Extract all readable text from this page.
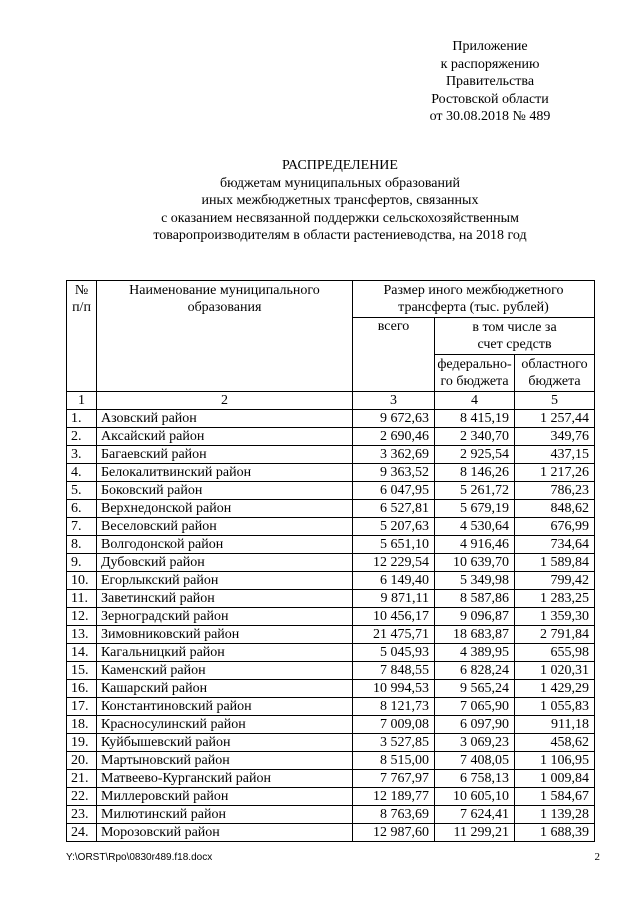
Приложение
к распоряжению
Правительства
Ростовской области
от 30.08.2018 № 489
РАСПРЕДЕЛЕНИЕ
бюджетам муниципальных образований
иных межбюджетных трансфертов, связанных
с оказанием несвязанной поддержки сельскохозяйственным
товаропроизводителям в области растениеводства, на 2018 год
№ п/п	Наименование муниципального образования	Размер иного межбюджетного трансферта (тыс. рублей)		
		всего	в том числе за счет средств	
			федерально-го бюджета	областного бюджета
1	2	3	4	5
1.	Азовский район	9 672,63	8 415,19	1 257,44
2.	Аксайский район	2 690,46	2 340,70	349,76
3.	Багаевский район	3 362,69	2 925,54	437,15
4.	Белокалитвинский район	9 363,52	8 146,26	1 217,26
5.	Боковский район	6 047,95	5 261,72	786,23
6.	Верхнедонской район	6 527,81	5 679,19	848,62
7.	Веселовский район	5 207,63	4 530,64	676,99
8.	Волгодонской район	5 651,10	4 916,46	734,64
9.	Дубовский район	12 229,54	10 639,70	1 589,84
10.	Егорлыкский район	6 149,40	5 349,98	799,42
11.	Заветинский район	9 871,11	8 587,86	1 283,25
12.	Зерноградский район	10 456,17	9 096,87	1 359,30
13.	Зимовниковский район	21 475,71	18 683,87	2 791,84
14.	Кагальницкий район	5 045,93	4 389,95	655,98
15.	Каменский район	7 848,55	6 828,24	1 020,31
16.	Кашарский район	10 994,53	9 565,24	1 429,29
17.	Константиновский район	8 121,73	7 065,90	1 055,83
18.	Красносулинский район	7 009,08	6 097,90	911,18
19.	Куйбышевский район	3 527,85	3 069,23	458,62
20.	Мартыновский район	8 515,00	7 408,05	1 106,95
21.	Матвеево-Курганский район	7 767,97	6 758,13	1 009,84
22.	Миллеровский район	12 189,77	10 605,10	1 584,67
23.	Милютинский район	8 763,69	7 624,41	1 139,28
24.	Морозовский район	12 987,60	11 299,21	1 688,39
Y:\ORST\Rpo\0830r489.f18.docx	2
